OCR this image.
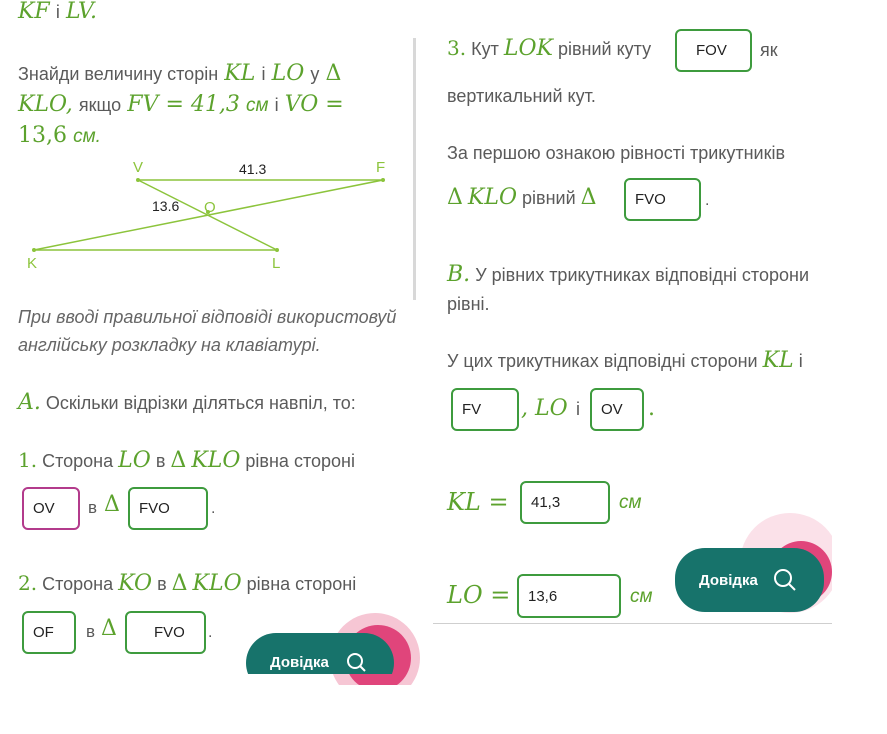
KF і LV.
Знайди величину сторін KL і LO у Δ
KLO, якщо FV = 41,3 см і VO =
13,6 см.
V	F
O
K	L
41.3
13.6
При вводі правильної відповіді використовуй
англійську розкладку на клавіатурі.
A. Оскільки відрізки діляться навпіл, то:
1. Сторона LO в Δ KLO рівна стороні
OV	в Δ	FVO	.
2. Сторона KO в Δ KLO рівна стороні
OF	в Δ	FVO	.
Довідка
3. Кут LOK рівний куту	FOV	як
вертикальний кут.
За першою ознакою рівності трикутників
Δ KLO рівний Δ	FVO	.
B. У рівних трикутниках відповідні сторони
рівні.
У цих трикутниках відповідні сторони KL і
FV	, LO і	OV	.
KL =	41,3	см
LO =	13,6	см
Довідка
